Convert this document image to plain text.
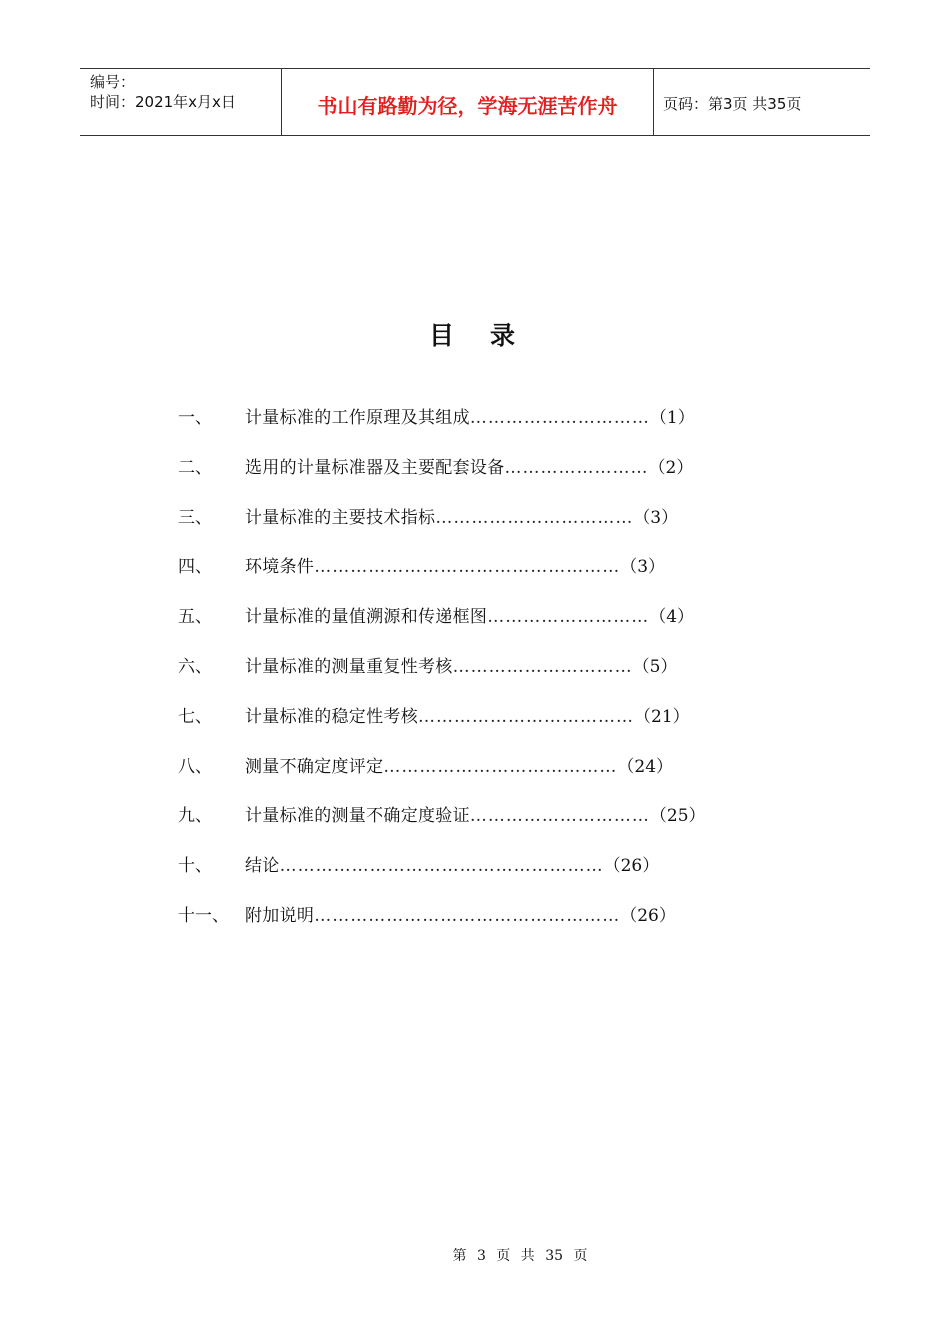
编号：
时间：2021年x月x日	书山有路勤为径，学海无涯苦作舟	页码：第3页 共35页
目录
一、	计量标准的工作原理及其组成 ………………………… （1）
二、	选用的计量标准器及主要配套设备 …………………… （2）
三、	计量标准的主要技术指标 …………………………… （3）
四、	环境条件 …………………………………………… （3）
五、	计量标准的量值溯源和传递框图 ……………………… （4）
六、	计量标准的测量重复性考核 ………………………… （5）
七、	计量标准的稳定性考核 ……………………………… （21）
八、	测量不确定度评定 ………………………………… （24）
九、	计量标准的测量不确定度验证 ………………………… （25）
十、	结论 ……………………………………………… （26）
十一、 附加说明 …………………………………………… （26）
第 3 页 共 35 页
